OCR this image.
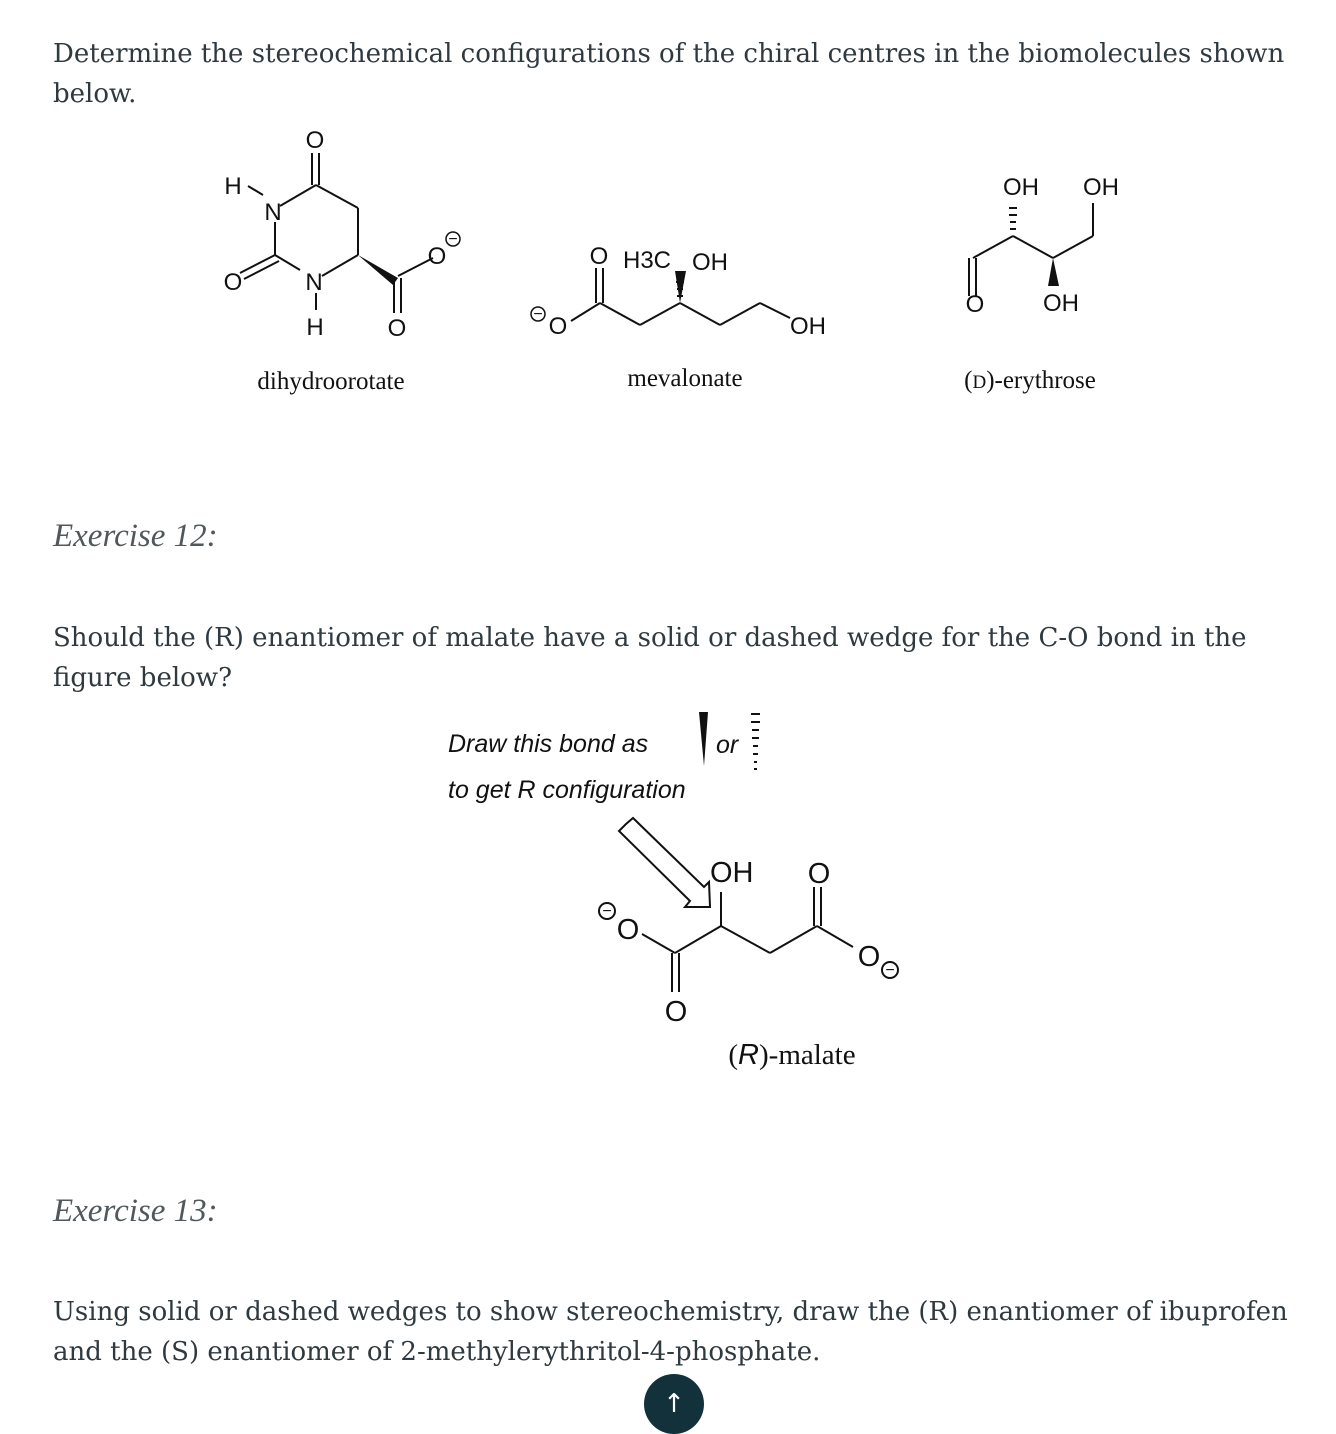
Determine the stereochemical configurations of the chiral centres in the biomolecules shown below.

O
H
N
O	N
H	O
O
O
O H3C OH
OH
OH OH
OH
O
−
−
dihydroorotate	mevalonate	(D)-erythrose
Exercise 12:

Should the (R) enantiomer of malate have a solid or dashed wedge for the C-O bond in the figure below?

Draw this bond as	or
to get R configuration
OH O
O
O
O
−
−
(R)-malate
Exercise 13:

Using solid or dashed wedges to show stereochemistry, draw the (R) enantiomer of ibuprofen and the (S) enantiomer of 2-methylerythritol-4-phosphate.

↑
